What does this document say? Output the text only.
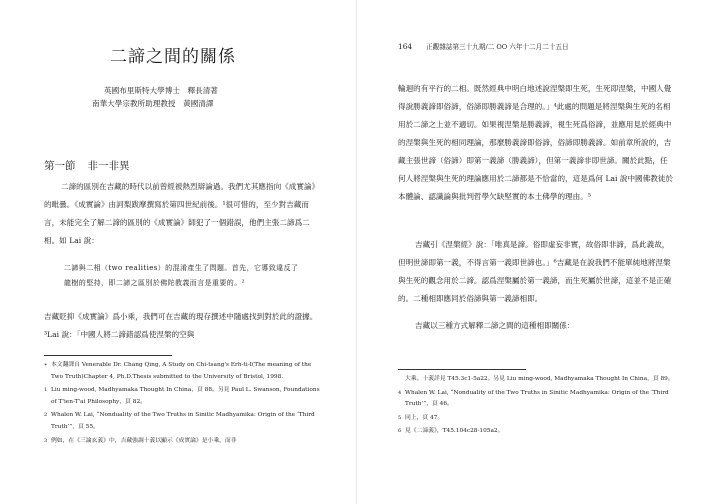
二諦之間的關係
英國布里斯特大學博士　釋長清著
南華大學宗教所助理教授　黃國清譯
第一節 非一非異

二諦的區別在吉藏的時代以前曾經被熱烈辯論過。我們尤其應指向《成實論》的毗曇。《成實論》由訶梨跋摩撰寫於第四世紀前後。¹很可惜的，至少對吉藏而言，未能完全了解二諦的區別的《成實論》師犯了一個錯誤，他們主張二諦爲二相。如 Lai 說：

二諦與二相（two realities）的混淆產生了問題。首先，它導致違反了龍樹的堅持，即二諦之區別於佛陀教義而言是重要的。²

吉藏貶抑《成實論》爲小乘，我們可在吉藏的現存撰述中隨處找到對於此的證據。³Lai 說：「中國人將二諦錯認爲使涅槃的空與

∗ 本文翻譯自 Venerable Dr. Chang Qing, A Study on Chi-tsang's Erh-ti-I(The meaning of the Two Truth)Chapter 4, Ph.D.Thesis submitted to the University of Bristol, 1998.

1 Liu ming-wood, Madhyamaka Thought In China，頁 88。另見 Paul L. Swanson, Foundations of T'ien-T'ai Philosophy，頁 82。

2 Whalen W. Lai, “Nonduality of the Two Truths in Sinitic Madhyamika: Origin of the ‘Third Truth’”，頁 55。

3 例如，在《三論玄義》中，吉藏強調十義以顯示《成實論》是小乘，而非

164 正觀雜誌第三十九期/二 OO 六年十二月二十五日

輪迴的有平行的二相。既然經典中明白地述說涅槃即生死，生死即涅槃，中國人覺得說勝義諦即俗諦，俗諦即勝義諦是合理的。」⁴此處的問題是將涅槃與生死的名相用於二諦之上並不適切。如果視涅槃是勝義諦，視生死爲俗諦，並應用見於經典中的涅槃與生死的相同理論，那麼勝義諦即俗諦，俗諦即勝義諦。如前章所說的，吉藏主張世諦（俗諦）即第一義諦（勝義諦），但第一義諦非即世諦。關於此點，任何人將涅槃與生死的理論應用於二諦都是不恰當的，這是爲何 Lai 說中國佛教徒於本體論、認識論與批判哲學欠缺堅實的本土佛學的理由。⁵

吉藏引《涅槃經》說：「唯真是諦。俗即虛妄非實，故俗即非諦，爲此義故，但明世諦即第一義，不得言第一義即世諦也。」⁶吉藏是在說我們不能單純地將涅槃與生死的觀念用於二諦。認爲涅槃屬於第一義諦，而生死屬於世諦，這並不是正確的。二種相即應同於俗諦與第一義諦相即。

吉藏以三種方式解釋二諦之間的這種相即關係：

大乘。十義詳見 T45.3c1-5a22。另見 Liu ming-wood, Madhyamaka Thought In China，頁 89。

4 Whalen W. Lai, “Nonduality of the Two Truths in Sinitic Madhyamika: Origin of the ‘Third Truth’”，頁 46。

5 同上，頁 47。

6 見《二諦義》，T45.104c28-105a2。
